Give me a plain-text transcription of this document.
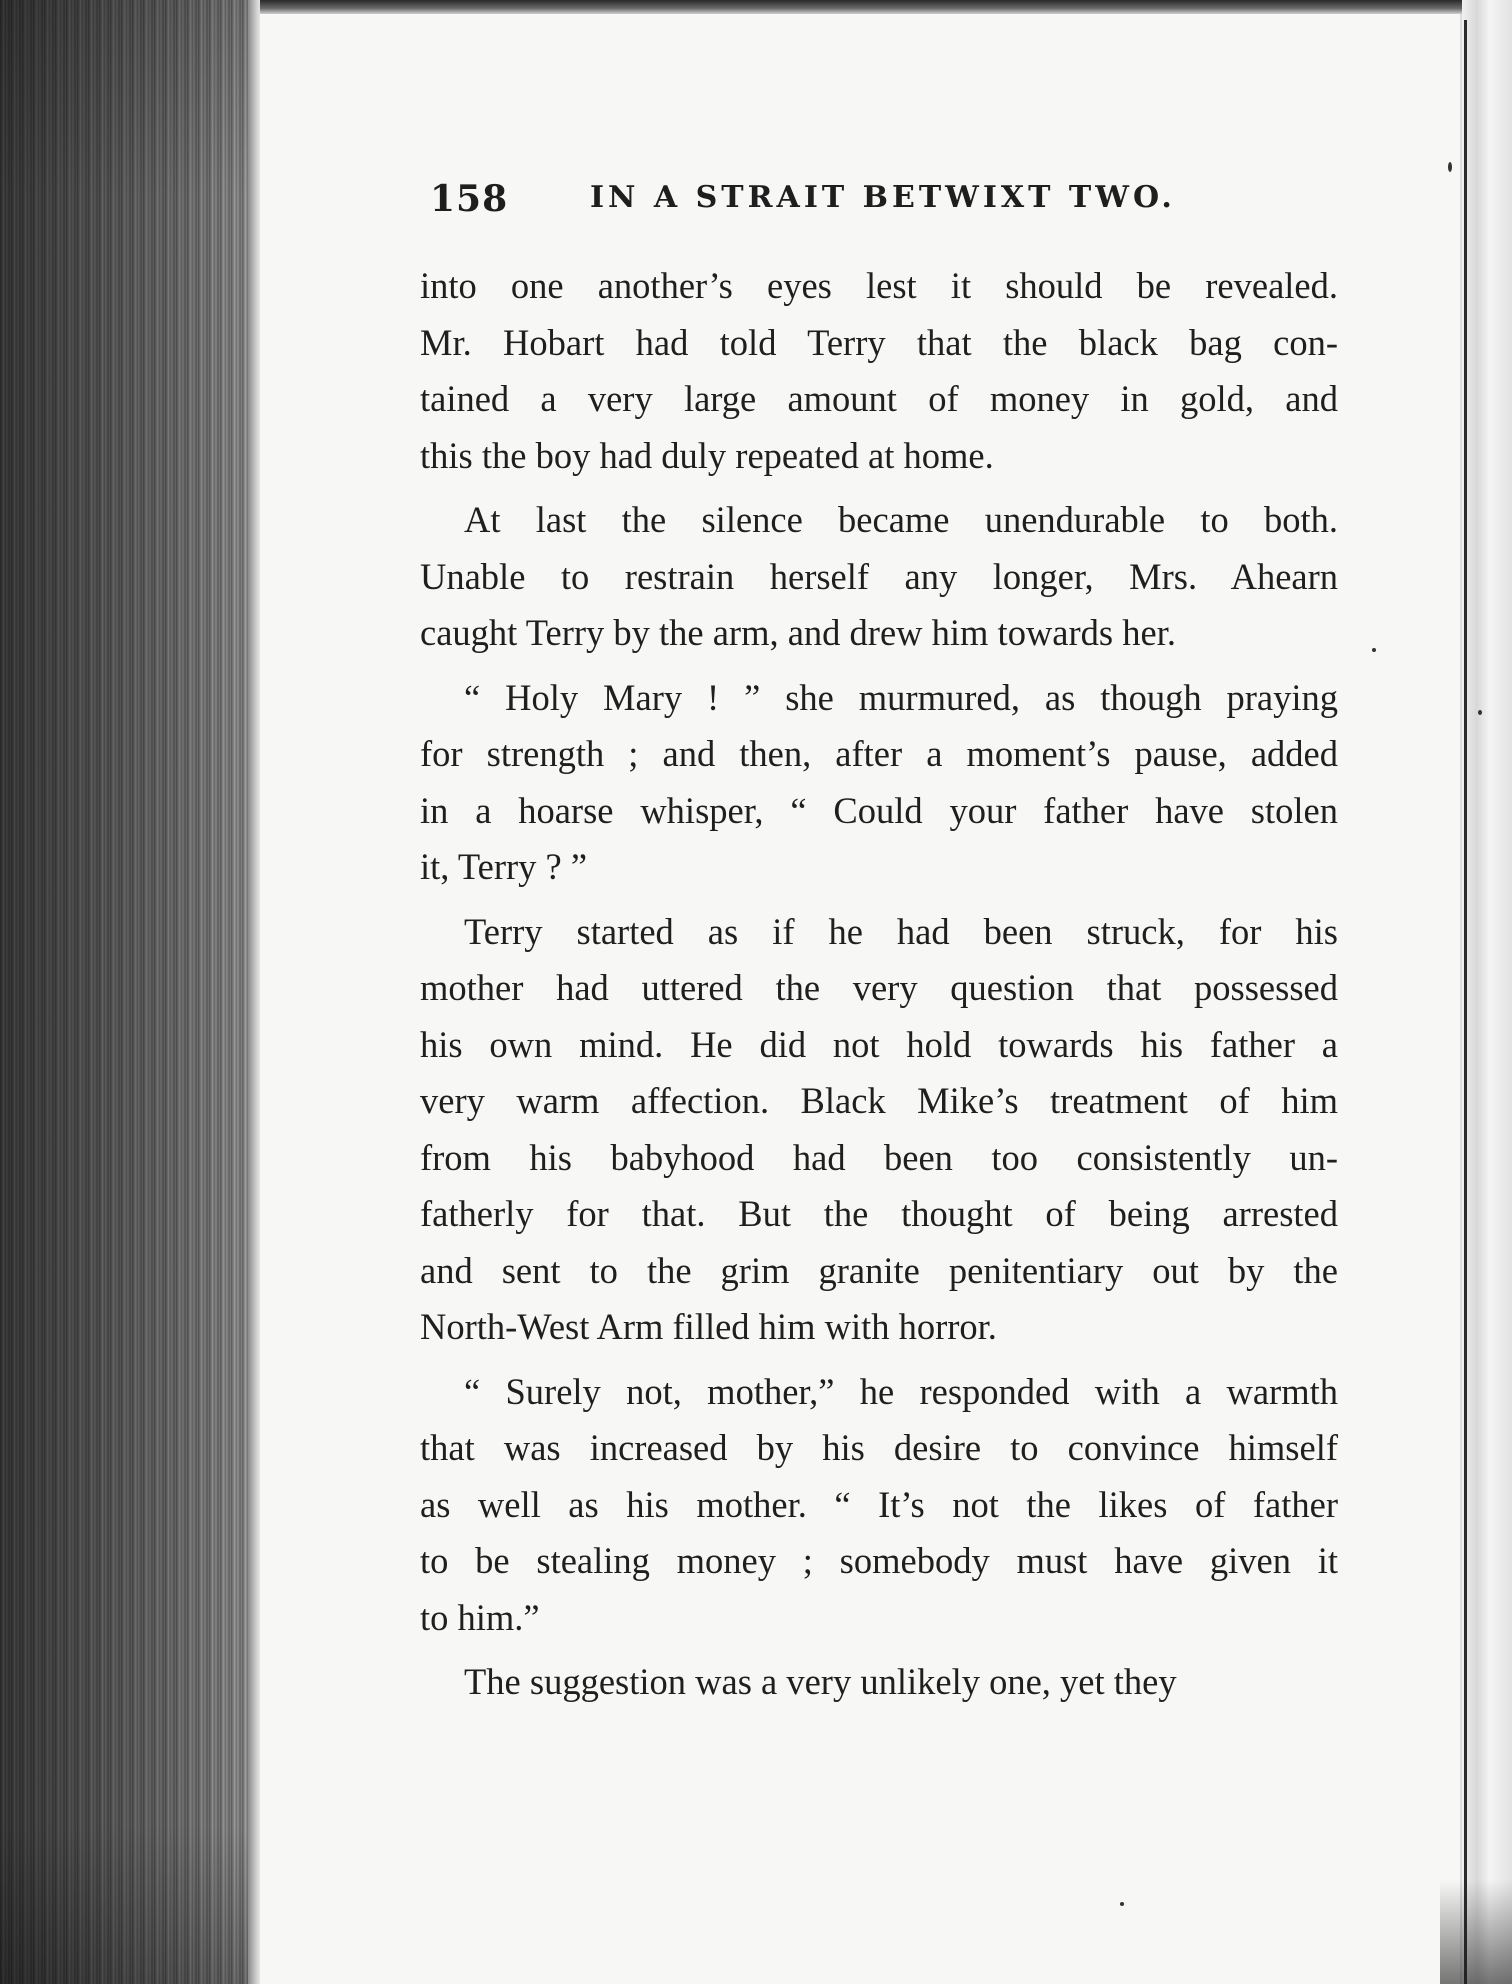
158	IN A STRAIT BETWIXT TWO.

into one another’s eyes lest it should be revealed.
Mr. Hobart had told Terry that the black bag con-
tained a very large amount of money in gold, and
this the boy had duly repeated at home.

At last the silence became unendurable to both.
Unable to restrain herself any longer, Mrs. Ahearn
caught Terry by the arm, and drew him towards her.

“ Holy Mary ! ” she murmured, as though praying
for strength ; and then, after a moment’s pause, added
in a hoarse whisper, “ Could your father have stolen
it, Terry ? ”

Terry started as if he had been struck, for his
mother had uttered the very question that possessed
his own mind. He did not hold towards his father a
very warm affection. Black Mike’s treatment of him
from his babyhood had been too consistently un-
fatherly for that. But the thought of being arrested
and sent to the grim granite penitentiary out by the
North-West Arm filled him with horror.

“ Surely not, mother,” he responded with a warmth
that was increased by his desire to convince himself
as well as his mother. “ It’s not the likes of father
to be stealing money ; somebody must have given it
to him.”

The suggestion was a very unlikely one, yet they
